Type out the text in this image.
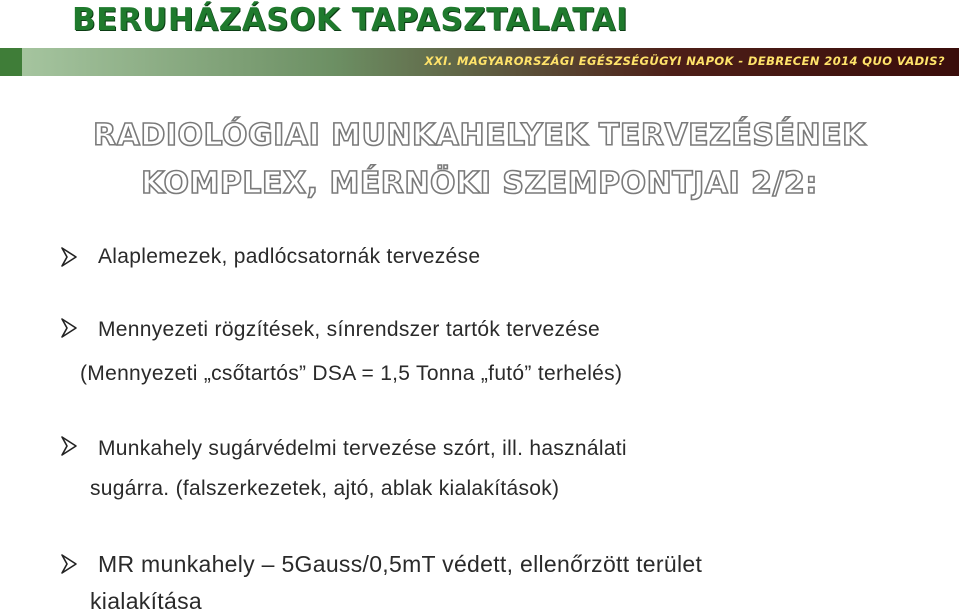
BERUHÁZÁSOK TAPASZTALATAI
XXI. MAGYARORSZÁGI EGÉSZSÉGÜGYI NAPOK - DEBRECEN 2014 QUO VADIS?
RADIOLÓGIAI MUNKAHELYEK TERVEZÉSÉNEK
KOMPLEX, MÉRNÖKI SZEMPONTJAI 2/2:
Alaplemezek, padlócsatornák tervezése
Mennyezeti rögzítések, sínrendszer tartók tervezése
(Mennyezeti „csőtartós” DSA = 1,5 Tonna „futó” terhelés)
Munkahely sugárvédelmi tervezése szórt, ill. használati
sugárra. (falszerkezetek, ajtó, ablak kialakítások)
MR munkahely – 5Gauss/0,5mT védett, ellenőrzött terület
kialakítása
